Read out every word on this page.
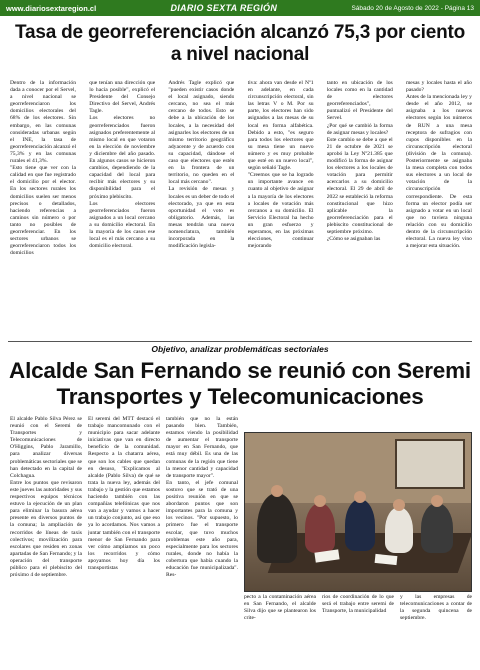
www.diariosextaregion.cl	DIARIO SEXTA REGIÓN	Sábado 20 de Agosto de 2022 - Página 13
Tasa de georreferenciación alcanzó 75,3 por ciento a nivel nacional
Dentro de la información dada a conocer por el Servel, a nivel nacional se georreferenciaron los domicilios electorales del 68% de los electores. Sin embargo, en las comunas consideradas urbanas según el INE, la tasa de georreferenciación alcanzó el 75,3% y en las comunas rurales el 41,3%.
"Esto tiene que ver con la calidad en que fue registrado el domicilio por el elector. En los sectores rurales los domicilios suelen ser menos precisos o detallados, haciendo referencias a caminos sin número o por tanto no posibles de georreferenciar. En los sectores urbanos se georreferenciaron todos los domicilios
que tenían una dirección que lo hacía posible", explicó el Presidente del Consejo Directivo del Servel, Andrés Tagle.
Los electores no georreferenciados fueron asignados preferentemente al mismo local en que votaron en la elección de noviembre y diciembre del año pasado. En algunos casos se hicieron cambios, dependiendo de la capacidad del local para recibir más electores y su disponibilidad para el próximo plebiscito.
Los electores georreferenciados fueron asignados a un local cercano a su domicilio electoral. En la mayoría de los casos ese local es el más cercano a su domicilio electoral.
Andrés Tagle explicó que "pueden existir casos donde el local asignado, siendo cercano, no sea el más cercano de todos. Esto se debe a la ubicación de los locales, a la necesidad del asignarles los electores de un mismo territorio geográfico adyacente y de acuerdo con su capacidad, dándose el caso que electores que estén en la frontera de un territorio, no queden en el local más cercano".
La revisión de mesas y locales es un deber de todo el electorado, ya que en esta oportunidad el voto es obligatorio. Además, las mesas tendrán una nueva nomenclatura, también incorporada en la modificación legisla-
tiva: ahora van desde el Nº1 en adelante, en cada circunscripción electoral, sin las letras V o M. Por su parte, los electores han sido asignados a las mesas de su local en forma alfabética. Debido a esto, "es seguro para todos los electores que su mesa tiene un nuevo número y es muy probable que esté en un nuevo local", según señaló Tagle.
"Creemos que se ha logrado un importante avance en cuanto al objetivo de asignar a la mayoría de los electores a locales de votación más cercanos a su domicilio. El Servicio Electoral ha hecho un gran esfuerzo y esperamos, en las próximas elecciones, continuar mejorando
tanto en ubicación de los locales como en la cantidad de electores georreferenciados", puntualizó el Presidente del Servel.
¿Por qué se cambió la forma de asignar mesas y locales?
Este cambio se debe a que el 21 de octubre de 2021 se aprobó la Ley Nº21.385 que modificó la forma de asignar los electores a los locales de votación para permitir acercarlos a su domicilio electoral. El 29 de abril de 2022 se estableció la reforma constitucional que hizo aplicable la georreferenciación para el plebiscito constitucional de septiembre próximo.
¿Cómo se asignaban las
mesas y locales hasta el año pasado?
Antes de la mencionada ley y desde el año 2012, se asignaba a los nuevos electores según los números de RUN a una mesa receptora de sufragios con cupos disponibles en la circunscripción electoral (división de la comuna). Posteriormente se asignaba la mesa completa con todos sus electores a un local de votación de la circunscripción correspondiente. De esta forma un elector podía ser asignado a votar en un local que no tuviera ninguna relación con su domicilio dentro de la circunscripción electoral. La nueva ley vino a mejorar esta situación.
Objetivo, analizar problemáticas sectoriales
Alcalde San Fernando se reunió con Seremi Transportes y Telecomunicaciones
El alcalde Pablo Silva Pérez se reunió con el Seremi de Transportes y Telecomunicaciones de O'Higgins, Pablo Jaramillo, para analizar diversas problemáticas sectoriales que se han detectado en la capital de Colchagua.
Entre los puntos que revisaron este jueves las autoridades y sus respectivos equipos técnicos estuvo la ejecución de un plan para eliminar la basura aérea presente en diversos puntos de la comuna; la ampliación de recorridos de líneas de taxis colectivos; movilización para escolares que residen en zonas apartadas de San Fernando; y la operación del transporte público para el plebiscito del próximo 4 de septiembre.
El seremi del MTT destacó el trabajo mancomunado con el municipio para sacar adelante iniciativas que van en directo beneficio de la comunidad. Respecto a la chatarra aérea, que son los cables que quedan en desuso, "Explicamos al alcalde (Pablo Silva) de qué se trata la nueva ley, además del trabajo y la gestión que estamos haciendo también con las compañías telefónicas que nos van a ayudar y vamos a hacer un trabajo conjunto, así que eso ya lo acordamos. Nos vamos a juntar también con el transporte menor de San Fernando para ver cómo ampliamos un poco los recorridos y cómo apoyamos hoy día los transportistas
también que no la están pasando bien. También, estamos viendo la posibilidad de aumentar el transporte mayor en San Fernando, que está muy débil. Es una de las comunas de la región que tiene la menor cantidad y capacidad de transporte mayor".
En tanto, el jefe comunal sostuvo que se trató de una positiva reunión en que se abordaron puntos que son importantes para la comuna y los vecinos. "Por supuesto, lo primero fue el transporte escolar, que tuvo muchos problemas este año para, especialmente para los sectores rurales, donde no había la cobertura que había cuando la educación fue municipalizada". Res-
pecto a la contaminación aérea en San Fernando, el alcalde Silva dijo que se plantearon los crite-
rios de coordinación de lo que será el trabajo entre seremi de Transporte, la municipalidad
y las empresas de telecomunicaciones a contar de la segunda quincena de septiembre.
